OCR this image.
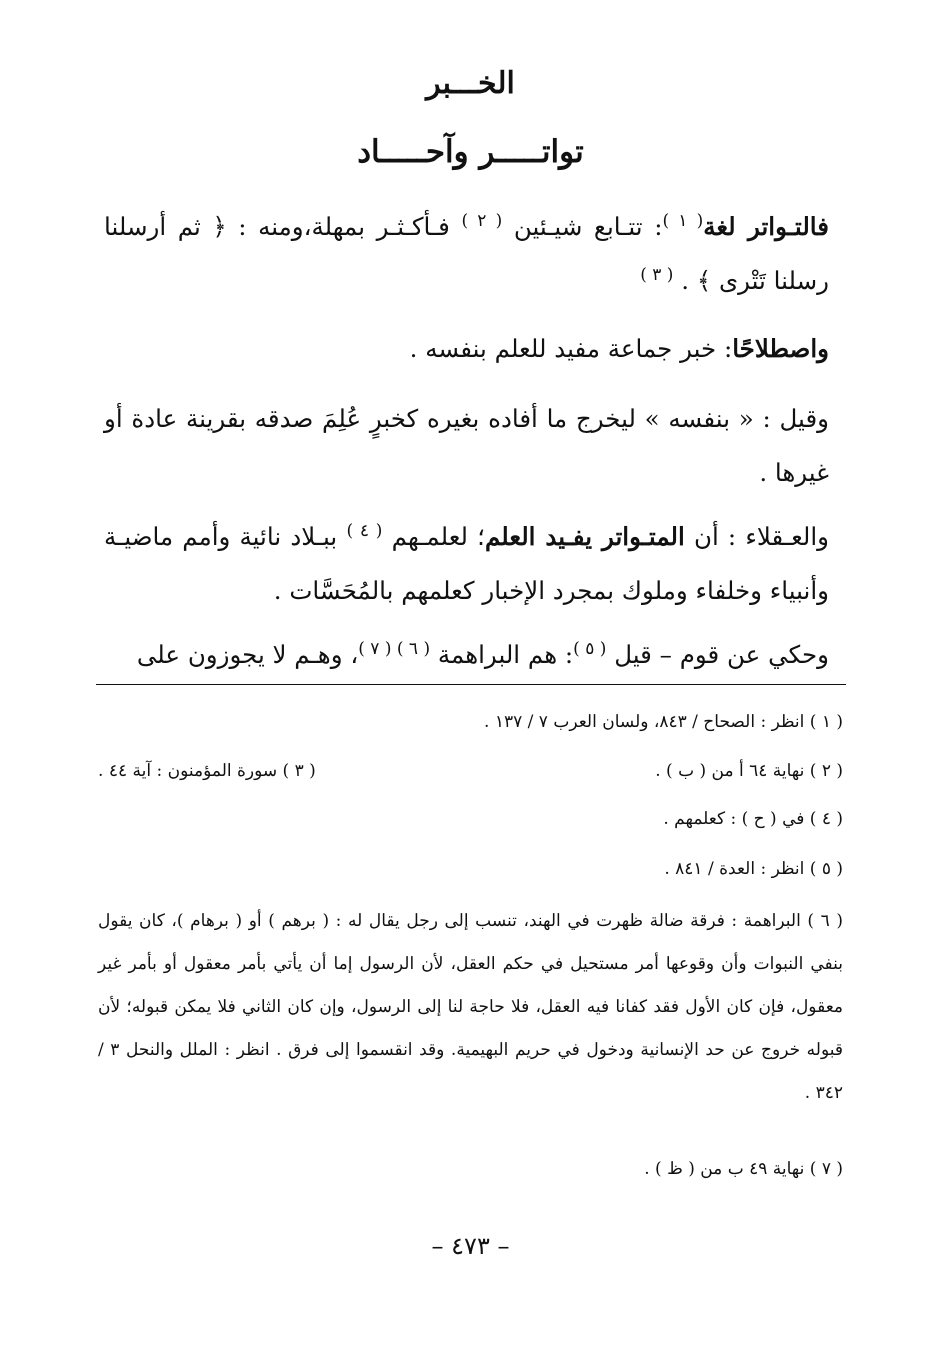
الخـــبر
تواتـــــر وآحـــــاد

فالتـواتر لغة$^{( ١ )}$: تتـابع شيـئين $^{( ٢ )}$ فـأكـثـر بمهلة،ومنه : ﴿ ثم أرسلنا رسلنا تَتْرى ﴾ . $^{( ٣ )}$

واصطلاحًا: خبر جماعة مفيد للعلم بنفسه .

وقيل : « بنفسه » ليخرج ما أفاده بغيره كخبرٍ عُلِمَ صدقه بقرينة عادة أو غيرها .

والعـقلاء : أن المتـواتر يفـيد العلم؛ لعلمـهم $^{( ٤ )}$ ببـلاد نائية وأمم ماضيـة وأنبياء وخلفاء وملوك بمجرد الإخبار كعلمهم بالمُحَسَّات .

وحكي عن قوم – قيل $^{( ٥ )}$: هم البراهمة $^{( ٦ ) ( ٧ )}$، وهـم لا يجوزون على

( ١ ) انظر : الصحاح / ٨٤٣، ولسان العرب ٧ / ١٣٧ .

( ٢ ) نهاية ٦٤ أ من ( ب ) .
( ٣ ) سورة المؤمنون : آية ٤٤ .

( ٤ ) في ( ح ) : كعلمهم .

( ٥ ) انظر : العدة / ٨٤١ .

( ٦ ) البراهمة : فرقة ضالة ظهرت في الهند، تنسب إلى رجل يقال له : ( برهم ) أو ( برهام )، كان يقول بنفي النبوات وأن وقوعها أمر مستحيل في حكم العقل، لأن الرسول إما أن يأتي بأمر معقول أو بأمر غير معقول، فإن كان الأول فقد كفانا فيه العقل، فلا حاجة لنا إلى الرسول، وإن كان الثاني فلا يمكن قبوله؛ لأن قبوله خروج عن حد الإنسانية ودخول في حريم البهيمية. وقد انقسموا إلى فرق . انظر : الملل والنحل ٣ / ٣٤٢ .

( ٧ ) نهاية ٤٩ ب من ( ظ ) .

– ٤٧٣ –
